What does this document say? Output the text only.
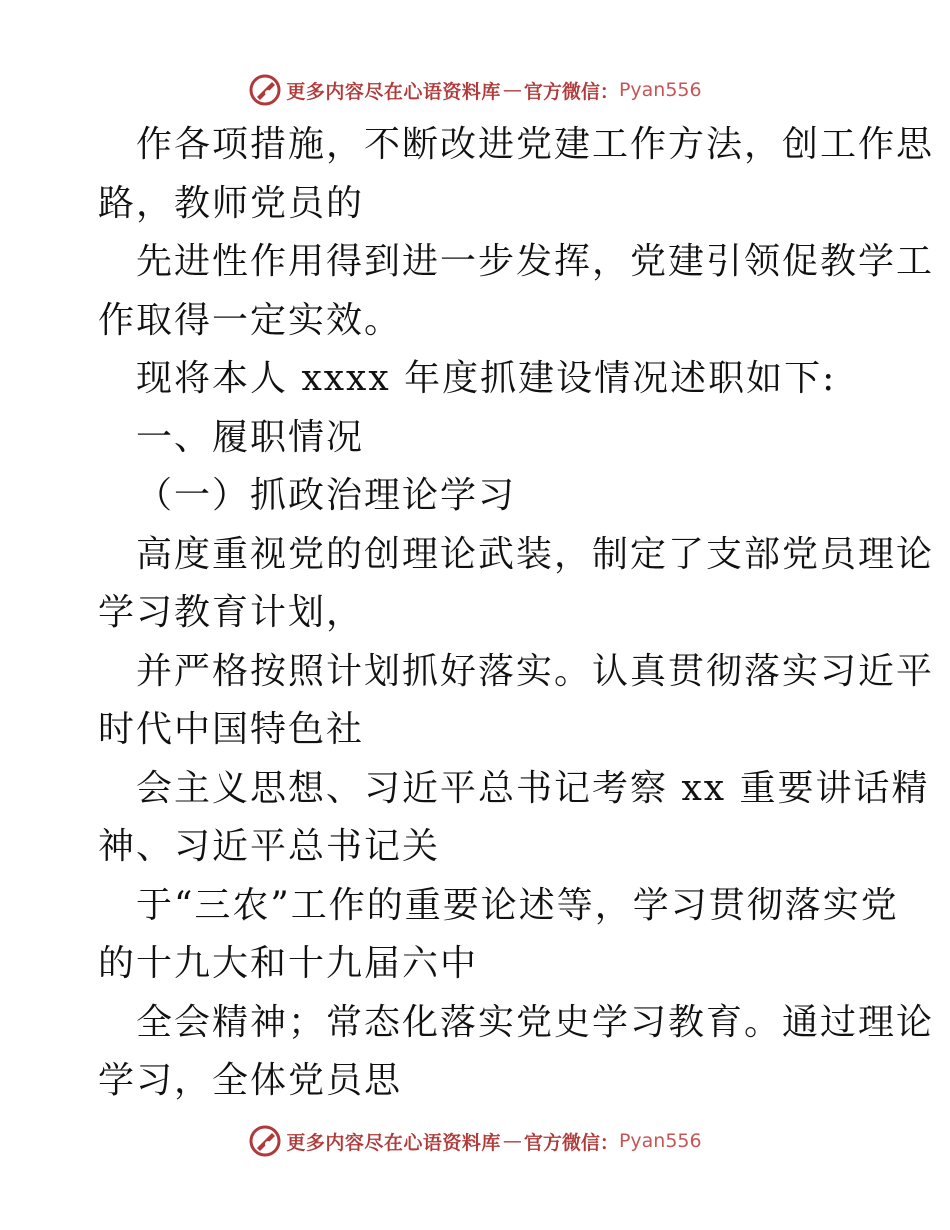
更多内容尽在心语资料库 — 官方微信： Pyan556
作各项措施，不断改进党建工作方法，创工作思
路，教师党员的
先进性作用得到进一步发挥，党建引领促教学工
作取得一定实效。
现将本人 xxxx 年度抓建设情况述职如下:
一、履职情况
（一）抓政治理论学习
高度重视党的创理论武装，制定了支部党员理论
学习教育计划，
并严格按照计划抓好落实。认真贯彻落实习近平
时代中国特色社
会主义思想、习近平总书记考察 xx 重要讲话精
神、习近平总书记关
于“三农”工作的重要论述等，学习贯彻落实党
的十九大和十九届六中
全会精神；常态化落实党史学习教育。通过理论
学习，全体党员思
更多内容尽在心语资料库 — 官方微信： Pyan556
